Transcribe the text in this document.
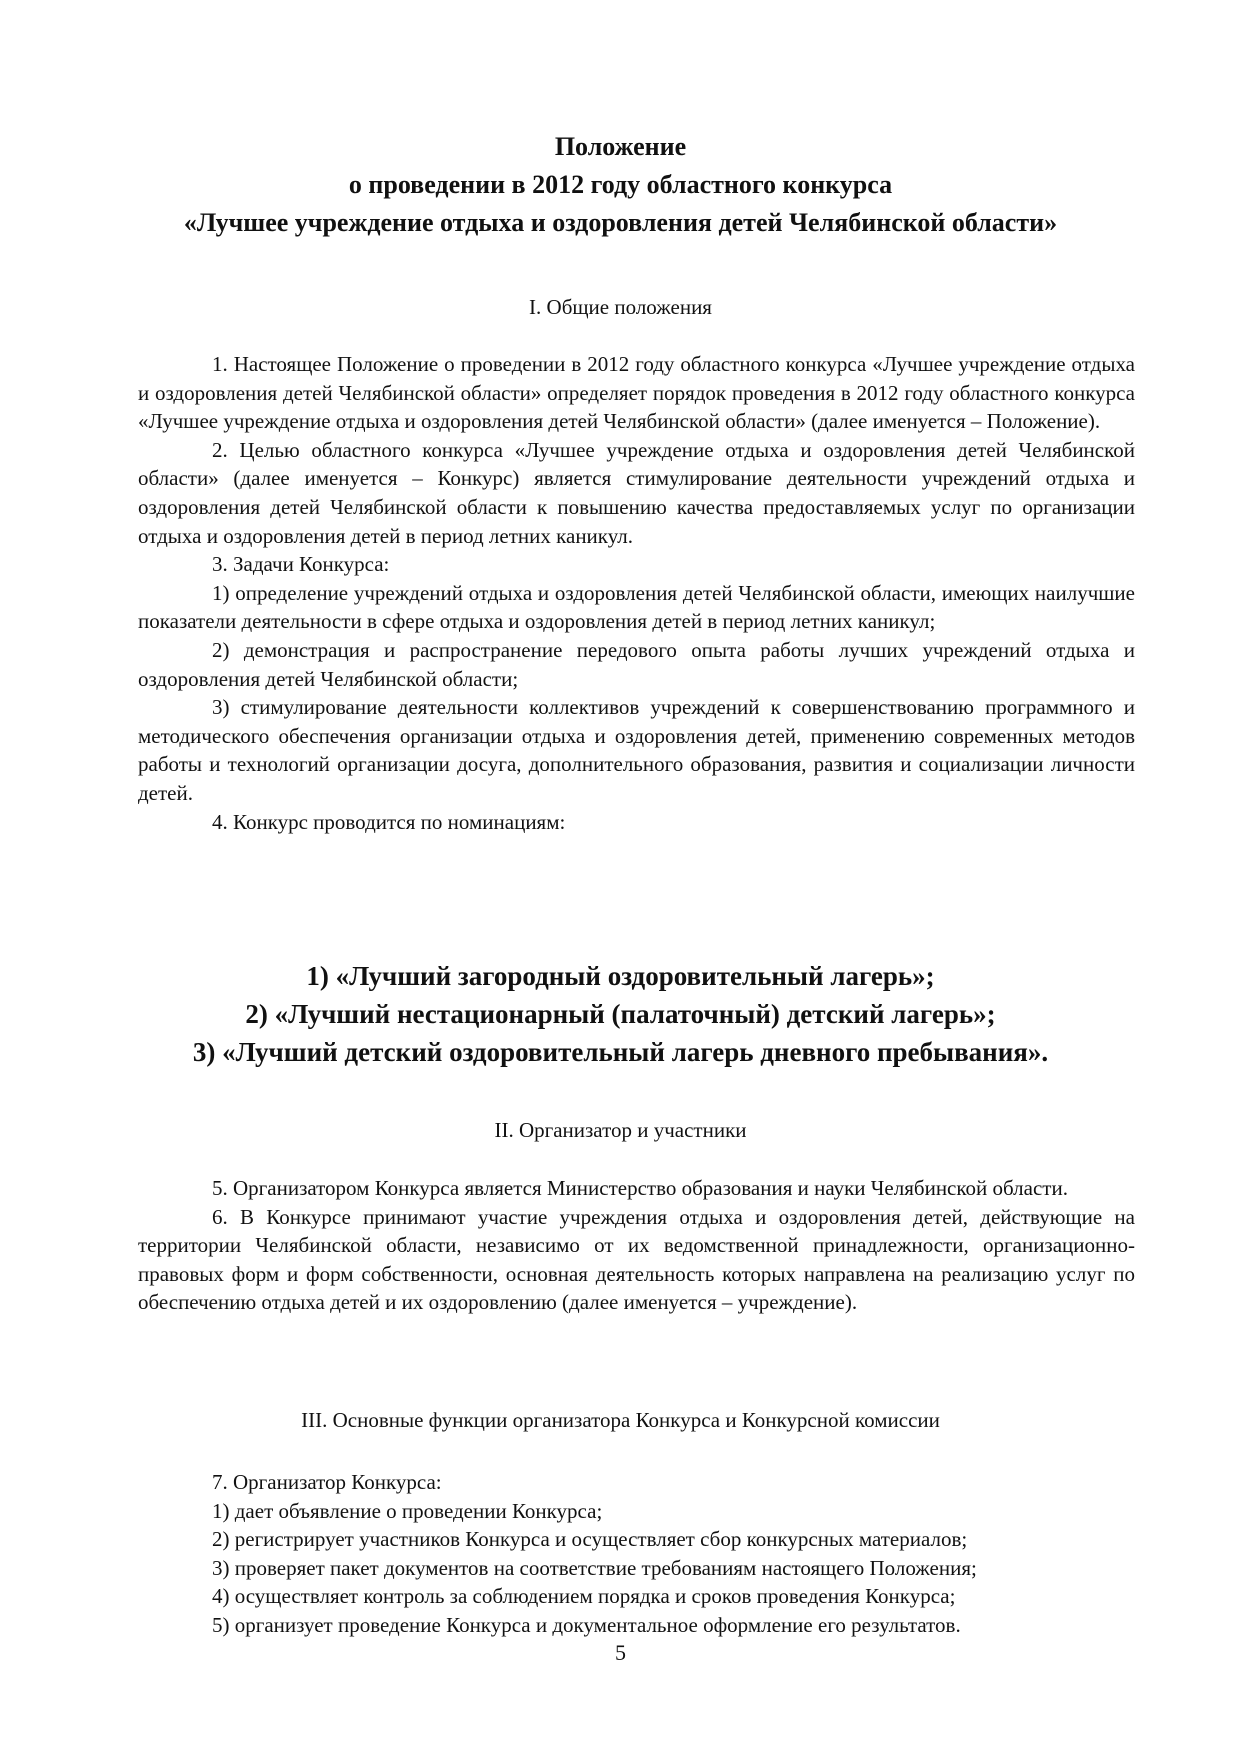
Положение
о проведении в 2012 году областного конкурса
«Лучшее учреждение отдыха и оздоровления детей Челябинской области»
I. Общие положения

1. Настоящее Положение о проведении в 2012 году областного конкурса «Лучшее учреждение отдыха и оздоровления детей Челябинской области» определяет порядок проведения в 2012 году областного конкурса «Лучшее учреждение отдыха и оздоровления детей Челябинской области» (далее именуется – Положение).

2. Целью областного конкурса «Лучшее учреждение отдыха и оздоровления детей Челябинской области» (далее именуется – Конкурс) является стимулирование деятельности учреждений отдыха и оздоровления детей Челябинской области к повышению качества предоставляемых услуг по организации отдыха и оздоровления детей в период летних каникул.

3. Задачи Конкурса:

1) определение учреждений отдыха и оздоровления детей Челябинской области, имеющих наилучшие показатели деятельности в сфере отдыха и оздоровления детей в период летних каникул;

2) демонстрация и распространение передового опыта работы лучших учреждений отдыха и оздоровления детей Челябинской области;

3) стимулирование деятельности коллективов учреждений к совершенствованию программного и методического обеспечения организации отдыха и оздоровления детей, применению современных методов работы и технологий организации досуга, дополнительного образования, развития и социализации личности детей.

4. Конкурс проводится по номинациям:

1) «Лучший загородный оздоровительный лагерь»;
2) «Лучший нестационарный (палаточный) детский лагерь»;
3) «Лучший детский оздоровительный лагерь дневного пребывания».
II. Организатор и участники

5. Организатором Конкурса является Министерство образования и науки Челябинской области.

6. В Конкурсе принимают участие учреждения отдыха и оздоровления детей, действующие на территории Челябинской области, независимо от их ведомственной принадлежности, организационно-правовых форм и форм собственности, основная деятельность которых направлена на реализацию услуг по обеспечению отдыха детей и их оздоровлению (далее именуется – учреждение).

III. Основные функции организатора Конкурса и Конкурсной комиссии
7. Организатор Конкурса:
1) дает объявление о проведении Конкурса;
2) регистрирует участников Конкурса и осуществляет сбор конкурсных материалов;
3) проверяет пакет документов на соответствие требованиям настоящего Положения;
4) осуществляет контроль за соблюдением порядка и сроков проведения Конкурса;
5) организует проведение Конкурса и документальное оформление его результатов.
5
